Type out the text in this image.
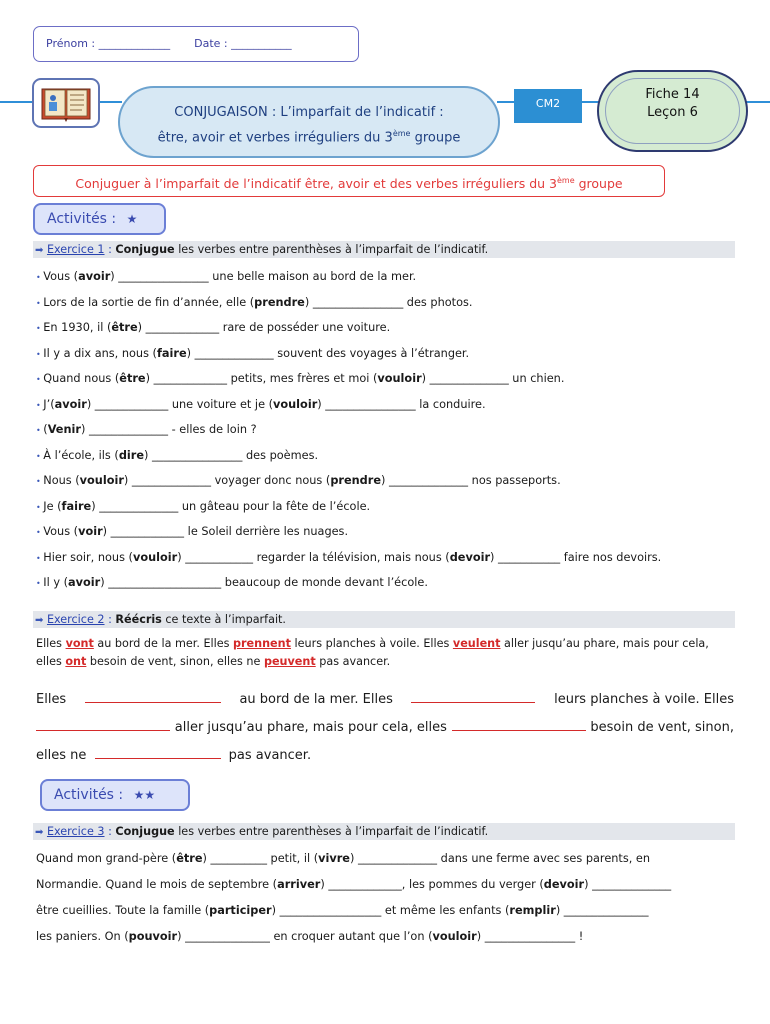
Prénom : _____________ Date : ___________
CONJUGAISON : L’imparfait de l’indicatif :
être, avoir et verbes irréguliers du 3ème groupe
CM2
Fiche 14
Leçon 6
Conjuguer à l’imparfait de l’indicatif être, avoir et des verbes irréguliers du 3ème groupe
Activités : ★
➡ Exercice 1 : Conjugue les verbes entre parenthèses à l’imparfait de l’indicatif.
• Vous (avoir) ________________ une belle maison au bord de la mer.
• Lors de la sortie de fin d’année, elle (prendre) ________________ des photos.
• En 1930, il (être) _____________ rare de posséder une voiture.
• Il y a dix ans, nous (faire) ______________ souvent des voyages à l’étranger.
• Quand nous (être) _____________ petits, mes frères et moi (vouloir) ______________ un chien.
• J’(avoir) _____________ une voiture et je (vouloir) ________________ la conduire.
• (Venir) ______________ - elles de loin ?
• À l’école, ils (dire) ________________ des poèmes.
• Nous (vouloir) ______________ voyager donc nous (prendre) ______________ nos passeports.
• Je (faire) ______________ un gâteau pour la fête de l’école.
• Vous (voir) _____________ le Soleil derrière les nuages.
• Hier soir, nous (vouloir) ____________ regarder la télévision, mais nous (devoir) ___________ faire nos devoirs.
• Il y (avoir) ____________________ beaucoup de monde devant l’école.
➡ Exercice 2 : Réécris ce texte à l’imparfait.
Elles vont au bord de la mer. Elles prennent leurs planches à voile. Elles veulent aller jusqu’au phare, mais pour cela, elles ont besoin de vent, sinon, elles ne peuvent pas avancer.
Elles	au bord de la mer. Elles	leurs planches à voile. Elles
aller jusqu’au phare, mais pour cela, elles	besoin de vent, sinon,
elles ne	pas avancer.
Activités : ★★
➡ Exercice 3 : Conjugue les verbes entre parenthèses à l’imparfait de l’indicatif.
Quand mon grand-père (être) __________ petit, il (vivre) ______________ dans une ferme avec ses parents, en
Normandie. Quand le mois de septembre (arriver) _____________, les pommes du verger (devoir) ______________
être cueillies. Toute la famille (participer) __________________ et même les enfants (remplir) _______________
les paniers. On (pouvoir) _______________ en croquer autant que l’on (vouloir) ________________ !
